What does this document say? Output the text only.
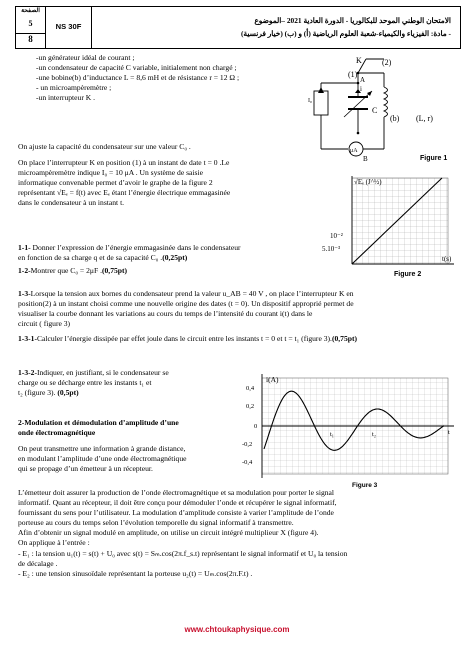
الصفحة
5
8
NS 30F
الامتحان الوطني الموحد للبكالوريا - الدورة العادية 2021 –الموضوع
- مادة: الفيزياء والكيمياء-شعبة العلوم الرياضية (أ) و (ب) (خيار فرنسية)
-un générateur idéal de courant ;
-un condensateur de capacité C variable, initialement non chargé ;
-une bobine(b) d’inductance L = 8,6 mH et de résistance r = 12 Ω ;
- un microampèremètre ;
-un interrupteur K .
K
(1)
(2)
I₀
i
A
B
C
(b) (L, r)
μA
Figure 1
On ajuste la capacité du condensateur sur une valeur C₀ .
On place l’interrupteur K en position (1) à un instant de date t = 0 .Le
microampèremètre indique I₀ = 10 μA . Un système de saisie
informatique convenable permet d’avoir le graphe de la figure 2
représentant √Eₑ = f(t) avec Eₑ étant l’énergie électrique emmagasinée
dans le condensateur à un instant t.
√Eₑ (J^½)
10⁻²
5.10⁻³
t(s)
Figure 2
1-1- Donner l’expression de l’énergie emmagasinée dans le condensateur
en fonction de sa charge q et de sa capacité C₀ .(0,25pt)
1-2-Montrer que C₀ = 2μF .(0,75pt)
1-3-Lorsque la tension aux bornes du condensateur prend la valeur u_AB = 40 V , on place l’interrupteur K en
position(2) à un instant choisi comme une nouvelle origine des dates (t = 0). Un dispositif approprié permet de
visualiser la courbe donnant les variations au cours du temps de l’intensité du courant i(t) dans le
circuit ( figure 3)
1-3-1-Calculer l’énergie dissipée par effet joule dans le circuit entre les instants t = 0 et t = t₁ (figure 3).(0,75pt)
1-3-2-Indiquer, en justifiant, si le condensateur se
charge ou se décharge entre les instants t₁ et
t₂ (figure 3). (0,5pt)
i(A)
0,4
0,2
0
-0,2
-0,4
t₁	t₂	t
Figure 3
2-Modulation et démodulation d’amplitude d’une
onde électromagnétique
On peut transmettre une information à grande distance,
en modulant l’amplitude d’une onde électromagnétique
qui se propage d’un émetteur à un récepteur.
L’émetteur doit assurer la production de l’onde électromagnétique et sa modulation pour porter le signal
informatif. Quant au récepteur, il doit être conçu pour démoduler l’onde et récupérer le signal informatif,
fournissant du sens pour l’utilisateur. La modulation d’amplitude consiste à varier l’amplitude de l’onde
porteuse au cours du temps selon l’évolution temporelle du signal informatif à transmettre.
Afin d’obtenir un signal modulé en amplitude, on utilise un circuit intégré multiplieur X (figure 4).
On applique à l’entrée :
- E₁ : la tension u₁(t) = s(t) + U₀ avec s(t) = Sₘ.cos(2π.f_s.t) représentant le signal informatif et U₀ la tension
de décalage .
- E₂ : une tension sinusoïdale représentant la porteuse u₂(t) = Uₘ.cos(2π.F.t) .
www.chtoukaphysique.com
